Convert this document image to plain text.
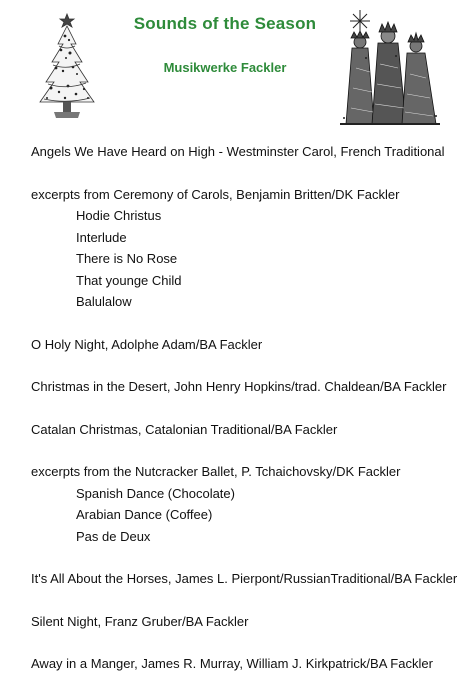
Sounds of the Season
Musikwerke Fackler
Angels We Have Heard on High - Westminster Carol, French Traditional
excerpts from Ceremony of Carols, Benjamin Britten/DK Fackler
Hodie Christus
Interlude
There is No Rose
That younge Child
Balulalow
O Holy Night, Adolphe Adam/BA Fackler
Christmas in the Desert, John Henry Hopkins/trad. Chaldean/BA Fackler
Catalan Christmas, Catalonian Traditional/BA Fackler
excerpts from the Nutcracker Ballet, P. Tchaichovsky/DK Fackler
Spanish Dance (Chocolate)
Arabian Dance (Coffee)
Pas de Deux
It's All About the Horses, James L. Pierpont/RussianTraditional/BA Fackler
Silent Night, Franz Gruber/BA Fackler
Away in a Manger, James R. Murray, William J. Kirkpatrick/BA Fackler
